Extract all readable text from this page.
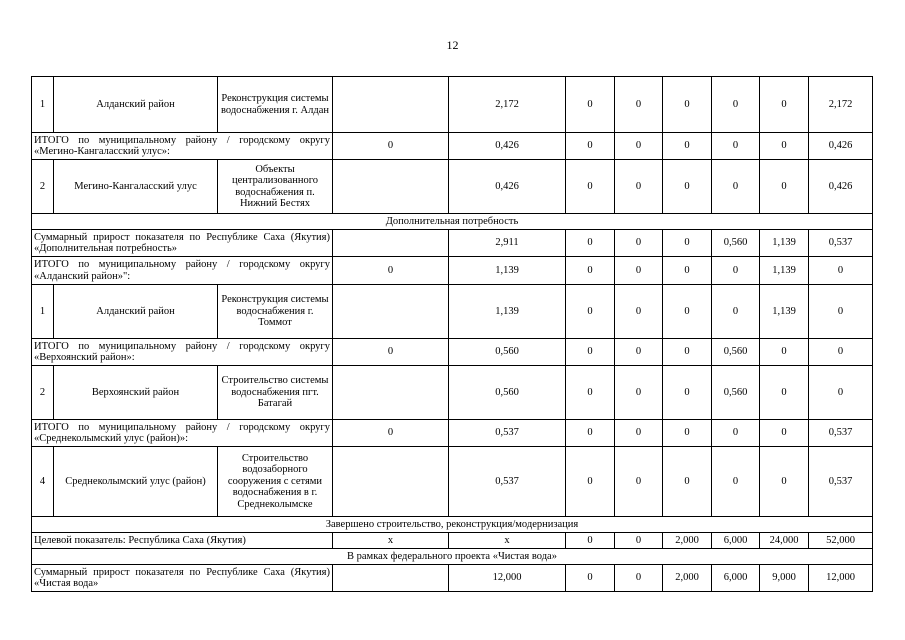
12
1	Алданский район	Реконструкция системы водоснабжения г. Алдан		2,172	0	0	0	0	0	2,172
ИТОГО по муниципальному району / городскому округу «Мегино-Кангаласский улус»:			0	0,426	0	0	0	0	0	0,426
2	Мегино-Кангаласский улус	Объекты централизованного водоснабжения п. Нижний Бестях		0,426	0	0	0	0	0	0,426
Дополнительная потребность										
Суммарный прирост показателя по Республике Саха (Якутия) «Дополнительная потребность»				2,911	0	0	0	0,560	1,139	0,537
ИТОГО по муниципальному району / городскому округу «Алданский район»":			0	1,139	0	0	0	0	1,139	0
1	Алданский район	Реконструкция системы водоснабжения г. Томмот		1,139	0	0	0	0	1,139	0
ИТОГО по муниципальному району / городскому округу «Верхоянский район»:			0	0,560	0	0	0	0,560	0	0
2	Верхоянский район	Строительство системы водоснабжения пгт. Батагай		0,560	0	0	0	0,560	0	0
ИТОГО по муниципальному району / городскому округу «Среднеколымский улус (район)»:			0	0,537	0	0	0	0	0	0,537
4	Среднеколымский улус (район)	Строительство водозаборного сооружения с сетями водоснабжения в г. Среднеколымске		0,537	0	0	0	0	0	0,537
Завершено строительство, реконструкция/модернизация										
Целевой показатель: Республика Саха (Якутия)			х	х	0	0	2,000	6,000	24,000	52,000
В рамках федерального проекта «Чистая вода»										
Суммарный прирост показателя по Республике Саха (Якутия) «Чистая вода»				12,000	0	0	2,000	6,000	9,000	12,000
